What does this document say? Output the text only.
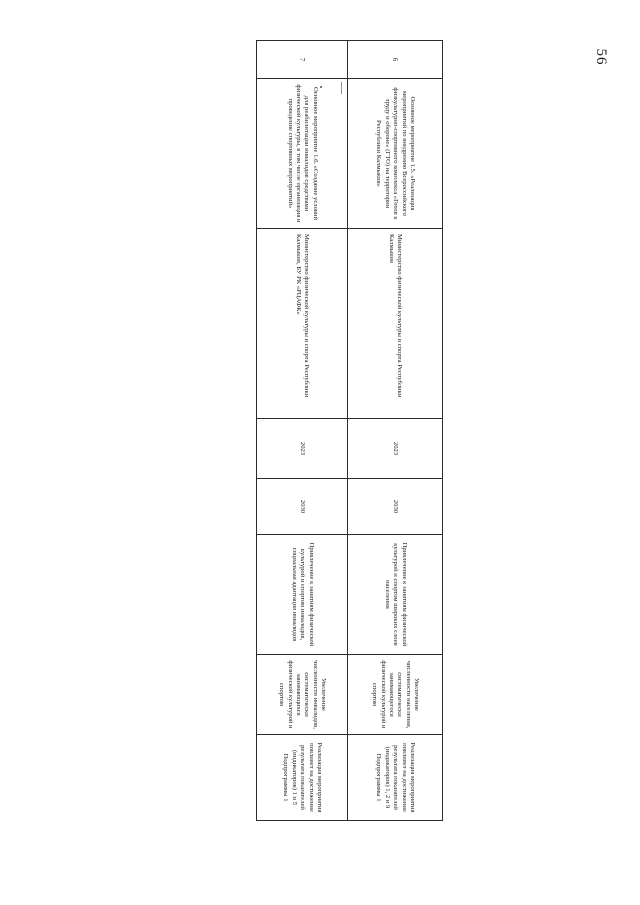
56
6	Основное мероприятие 1.5. «Реализация мероприятий по внедрению Всероссийского физкультурно-спортивного комплекса «Готов к труду и обороне» (ГТО) на территории Республики Калмыкия»	Министерство физической культуры и спорта Республики Калмыкия	2023	2030	Привлечение к занятиям физической культурой и спортом широких слоев населения	Увеличение численности населения, систематически занимающегося физической культурой и спортом	Реализация мероприятия повлияет на достижение результата показателей (индикаторов) 1, 2 и 9 Подпрограммы 1
7	Основное мероприятие 1.6. «Создание условий для реабилитации инвалидов средствами физической культуры, в том числе организация и проведение спортивных мероприятий»	Министерство физической культуры и спорта Республики Калмыкия, БУ РК «РЦАФК»	2023	2030	Привлечение к занятиям физической культурой и спортом инвалидов, социальная адаптация инвалидов	Увеличение численности инвалидов, систематически занимающихся физической культурой и спортом	Реализация мероприятия повлияет на достижение результата показателей (индикаторов) 1 и 5 Подпрограммы 1
